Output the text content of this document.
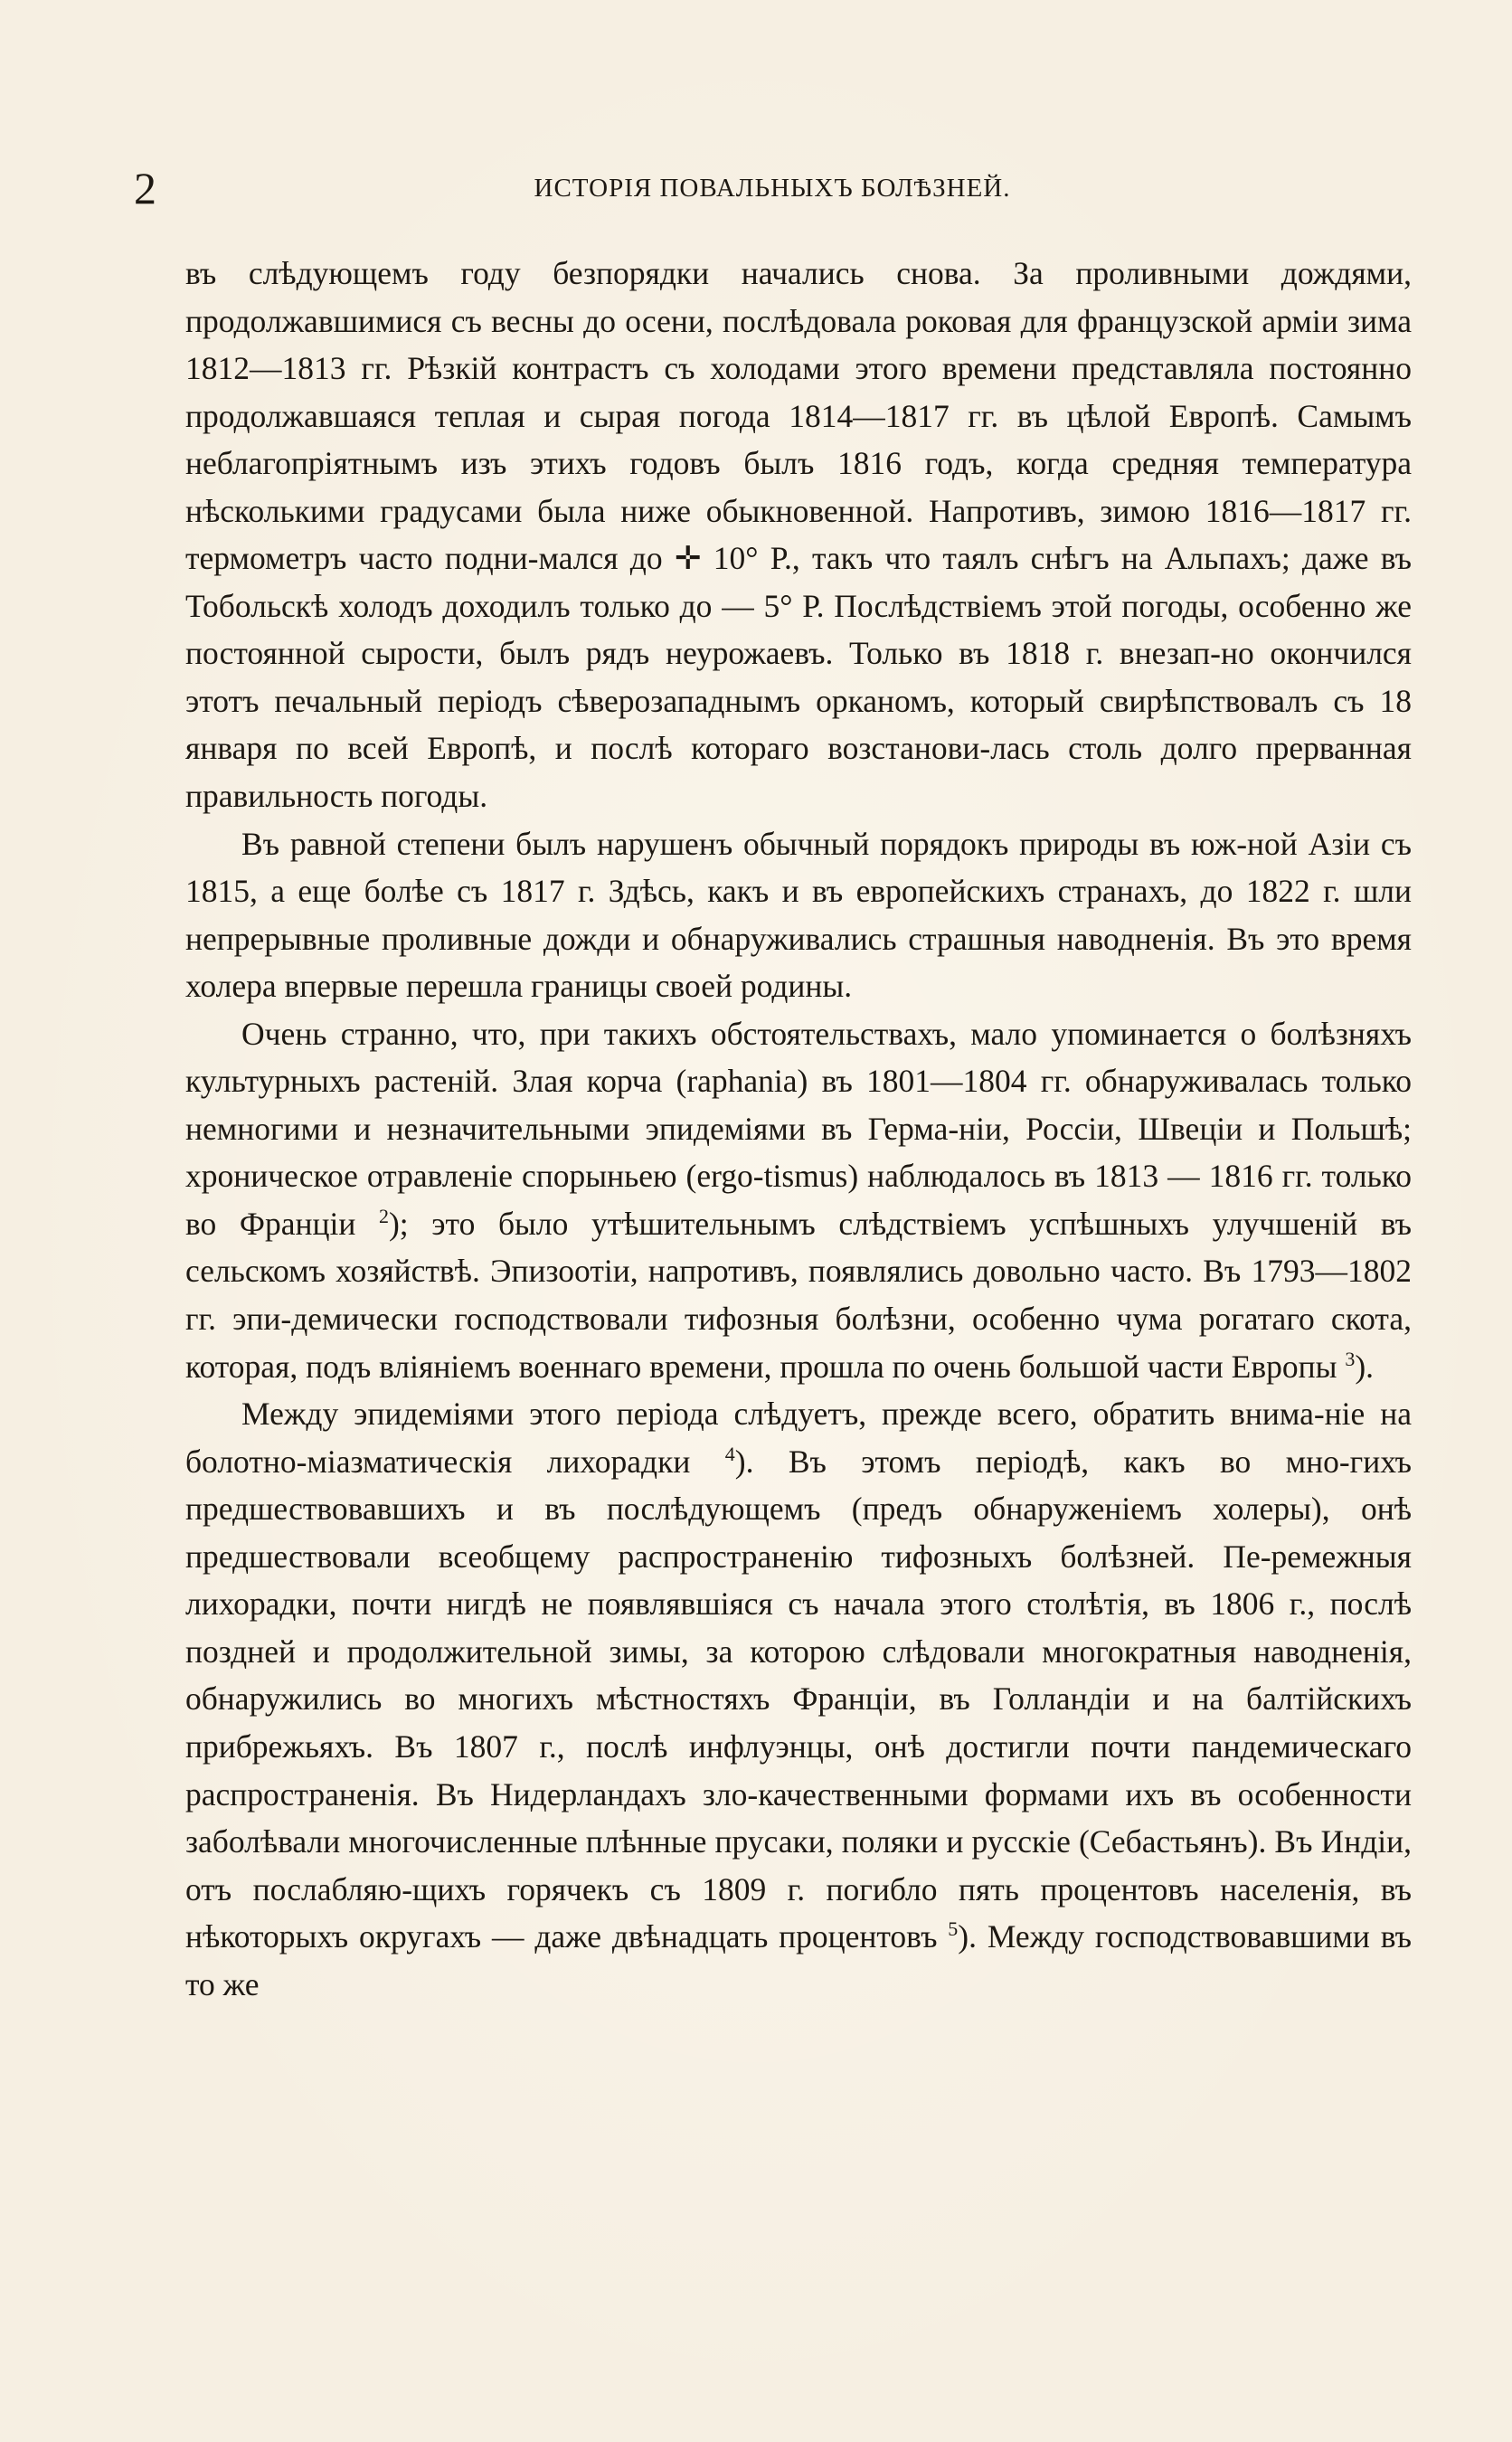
2	ИСТОРІЯ ПОВАЛЬНЫХЪ БОЛѢЗНЕЙ.

въ слѣдующемъ году безпорядки начались снова. За проливными дождями, продолжавшимися съ весны до осени, послѣдовала роковая для французской арміи зима 1812—1813 гг. Рѣзкій контрастъ съ холодами этого времени представляла постоянно продолжавшаяся теплая и сырая погода 1814—1817 гг. въ цѣлой Европѣ. Самымъ неблагопріятнымъ изъ этихъ годовъ былъ 1816 годъ, когда средняя температура нѣсколькими градусами была ниже обыкновенной. Напротивъ, зимою 1816—1817 гг. термометръ часто подни-мался до ✛ 10° Р., такъ что таялъ снѣгъ на Альпахъ; даже въ Тобольскѣ холодъ доходилъ только до — 5° Р. Послѣдствіемъ этой погоды, особенно же постоянной сырости, былъ рядъ неурожаевъ. Только въ 1818 г. внезап-но окончился этотъ печальный періодъ сѣверозападнымъ орканомъ, который свирѣпствовалъ съ 18 января по всей Европѣ, и послѣ котораго возстанови-лась столь долго прерванная правильность погоды.

Въ равной степени былъ нарушенъ обычный порядокъ природы въ юж-ной Азіи съ 1815, а еще болѣе съ 1817 г. Здѣсь, какъ и въ европейскихъ странахъ, до 1822 г. шли непрерывные проливные дожди и обнаруживались страшныя наводненія. Въ это время холера впервые перешла границы своей родины.

Очень странно, что, при такихъ обстоятельствахъ, мало упоминается о болѣзняхъ культурныхъ растеній. Злая корча (raphania) въ 1801—1804 гг. обнаруживалась только немногими и незначительными эпидеміями въ Герма-ніи, Россіи, Швеціи и Польшѣ; хроническое отравленіе спорыньею (ergo-tismus) наблюдалось въ 1813 — 1816 гг. только во Франціи $^2$); это было утѣшительнымъ слѣдствіемъ успѣшныхъ улучшеній въ сельскомъ хозяйствѣ. Эпизоотіи, напротивъ, появлялись довольно часто. Въ 1793—1802 гг. эпи-демически господствовали тифозныя болѣзни, особенно чума рогатаго скота, которая, подъ вліяніемъ военнаго времени, прошла по очень большой части Европы $^3$).

Между эпидеміями этого періода слѣдуетъ, прежде всего, обратить внима-ніе на болотно-міазматическія лихорадки $^4$). Въ этомъ періодѣ, какъ во мно-гихъ предшествовавшихъ и въ послѣдующемъ (предъ обнаруженіемъ холеры), онѣ предшествовали всеобщему распространенію тифозныхъ болѣзней. Пе-ремежныя лихорадки, почти нигдѣ не появлявшіяся съ начала этого столѣтія, въ 1806 г., послѣ поздней и продолжительной зимы, за которою слѣдовали многократныя наводненія, обнаружились во многихъ мѣстностяхъ Франціи, въ Голландіи и на балтійскихъ прибрежьяхъ. Въ 1807 г., послѣ инфлуэнцы, онѣ достигли почти пандемическаго распространенія. Въ Нидерландахъ зло-качественными формами ихъ въ особенности заболѣвали многочисленные плѣнные прусаки, поляки и русскіе (Себастьянъ). Въ Индіи, отъ послабляю-щихъ горячекъ съ 1809 г. погибло пять процентовъ населенія, въ нѣкоторыхъ округахъ — даже двѣнадцать процентовъ $^5$). Между господствовавшими въ то же
